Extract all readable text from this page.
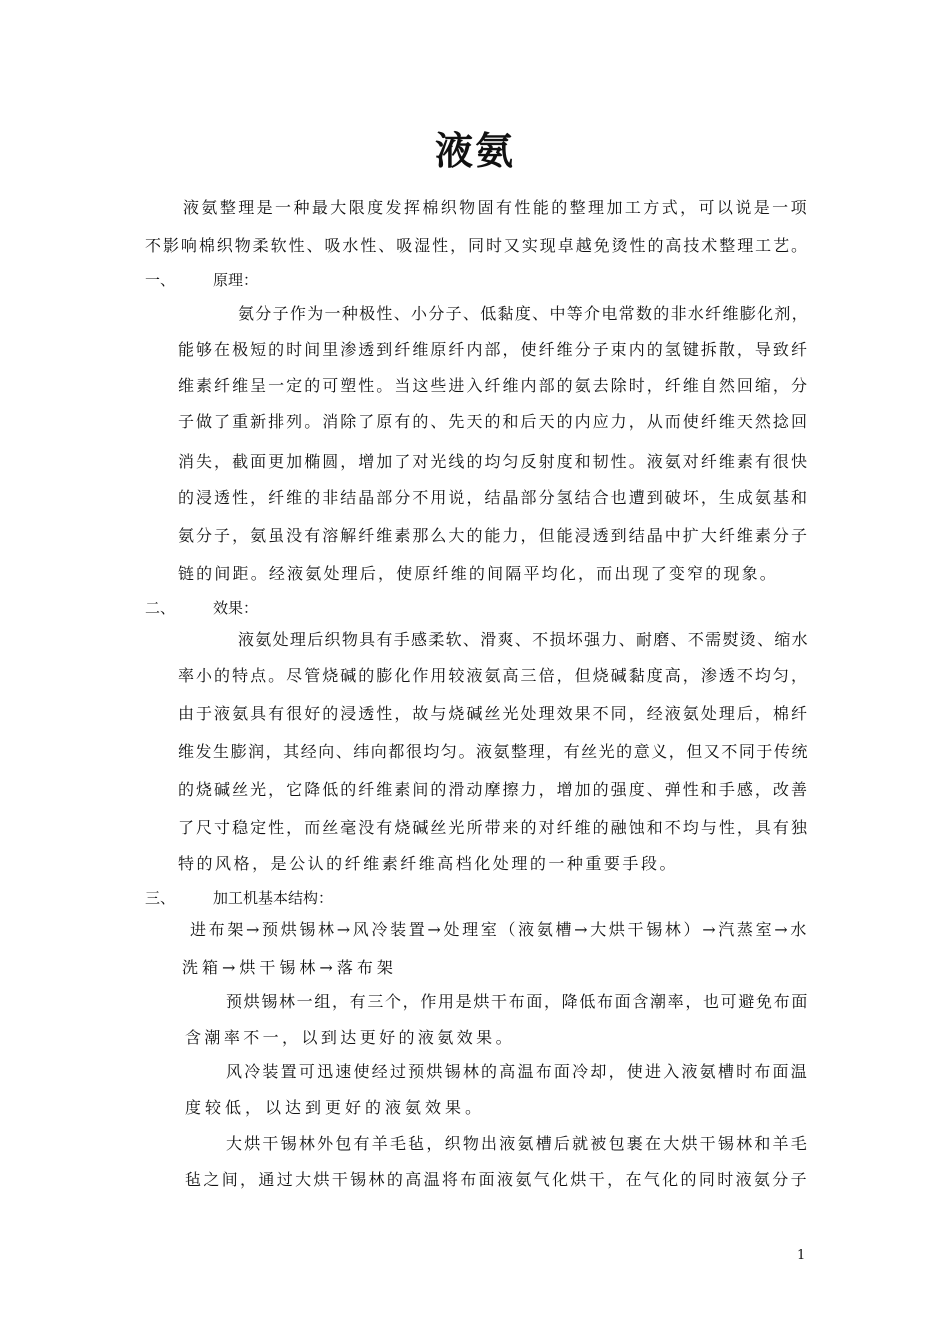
液氨
液氨整理是一种最大限度发挥棉织物固有性能的整理加工方式，可以说是一项
不影响棉织物柔软性、吸水性、吸湿性，同时又实现卓越免烫性的高技术整理工艺。
一、	原理：
氨分子作为一种极性、小分子、低黏度、中等介电常数的非水纤维膨化剂，
能够在极短的时间里渗透到纤维原纤内部，使纤维分子束内的氢键拆散，导致纤
维素纤维呈一定的可塑性。当这些进入纤维内部的氨去除时，纤维自然回缩，分
子做了重新排列。消除了原有的、先天的和后天的内应力，从而使纤维天然捻回
消失，截面更加椭圆，增加了对光线的均匀反射度和韧性。液氨对纤维素有很快
的浸透性，纤维的非结晶部分不用说，结晶部分氢结合也遭到破坏，生成氨基和
氨分子，氨虽没有溶解纤维素那么大的能力，但能浸透到结晶中扩大纤维素分子
链的间距。经液氨处理后，使原纤维的间隔平均化，而出现了变窄的现象。
二、	效果：
液氨处理后织物具有手感柔软、滑爽、不损坏强力、耐磨、不需熨烫、缩水
率小的特点。尽管烧碱的膨化作用较液氨高三倍，但烧碱黏度高，渗透不均匀，
由于液氨具有很好的浸透性，故与烧碱丝光处理效果不同，经液氨处理后，棉纤
维发生膨润，其经向、纬向都很均匀。液氨整理，有丝光的意义，但又不同于传统
的烧碱丝光，它降低的纤维素间的滑动摩擦力，增加的强度、弹性和手感，改善
了尺寸稳定性，而丝毫没有烧碱丝光所带来的对纤维的融蚀和不均与性，具有独
特的风格，是公认的纤维素纤维高档化处理的一种重要手段。
三、	加工机基本结构：
进布架→预烘锡林→风冷装置→处理室（液氨槽→大烘干锡林）→汽蒸室→水
洗箱→烘干锡林→落布架
预烘锡林一组，有三个，作用是烘干布面，降低布面含潮率，也可避免布面
含潮率不一，以到达更好的液氨效果。
风冷装置可迅速使经过预烘锡林的高温布面冷却，使进入液氨槽时布面温
度较低，以达到更好的液氨效果。
大烘干锡林外包有羊毛毡，织物出液氨槽后就被包裹在大烘干锡林和羊毛
毡之间，通过大烘干锡林的高温将布面液氨气化烘干，在气化的同时液氨分子
1
